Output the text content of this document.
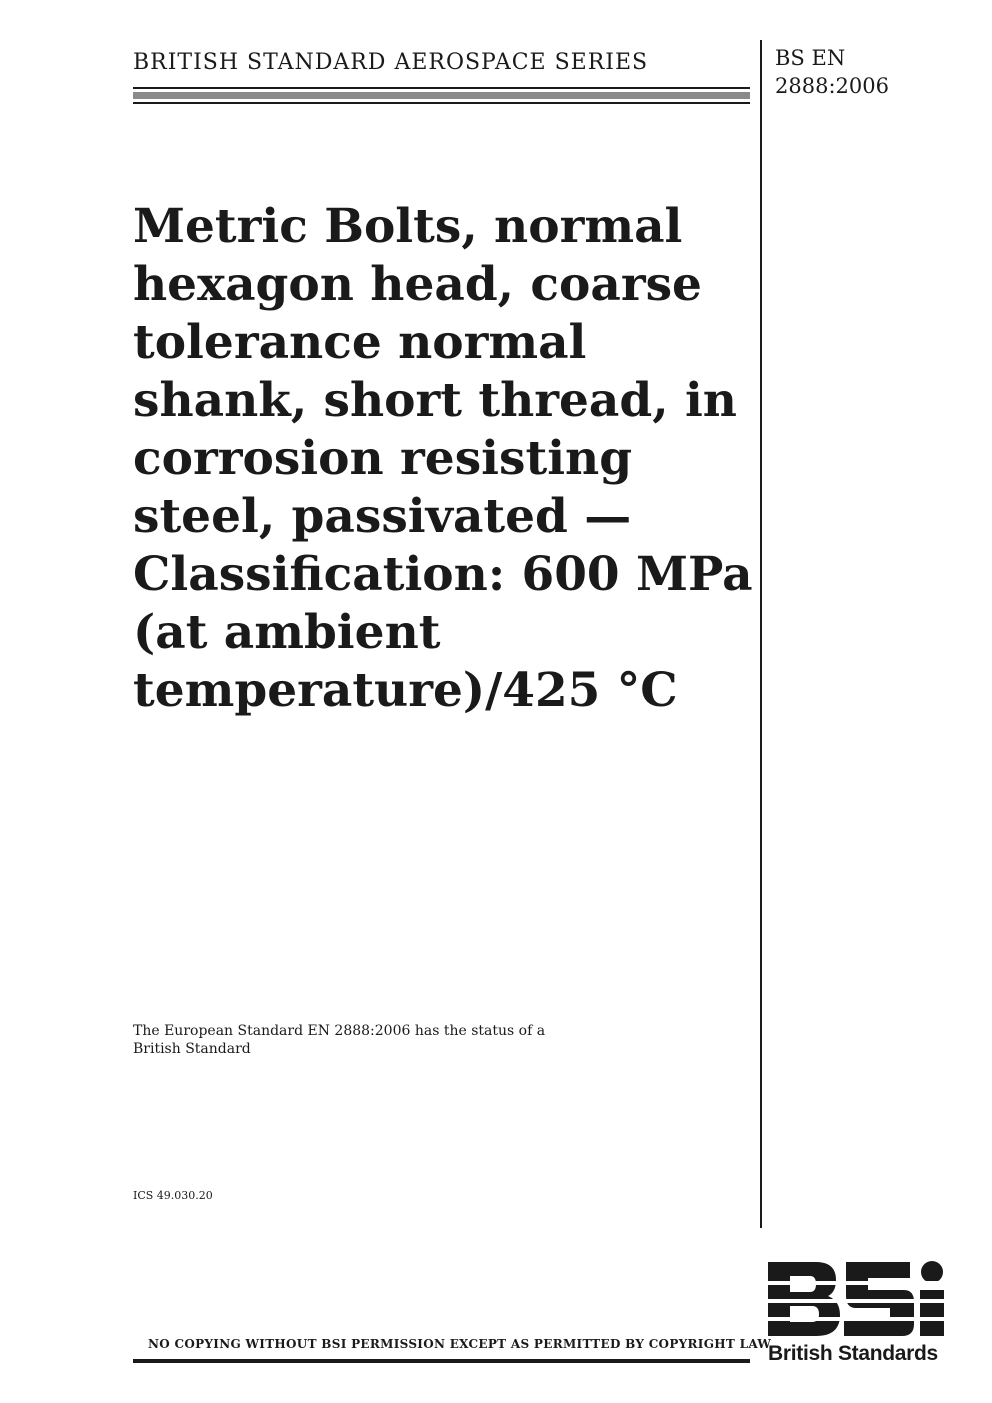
BRITISH STANDARD AEROSPACE SERIES	BS EN
2888:2006
Metric Bolts, normal
hexagon head, coarse
tolerance normal
shank, short thread, in
corrosion resisting
steel, passivated —
Classification: 600 MPa
(at ambient
temperature)/425 °C
The European Standard EN 2888:2006 has the status of a
British Standard
ICS 49.030.20
NO COPYING WITHOUT BSI PERMISSION EXCEPT AS PERMITTED BY COPYRIGHT LAW
British Standards
